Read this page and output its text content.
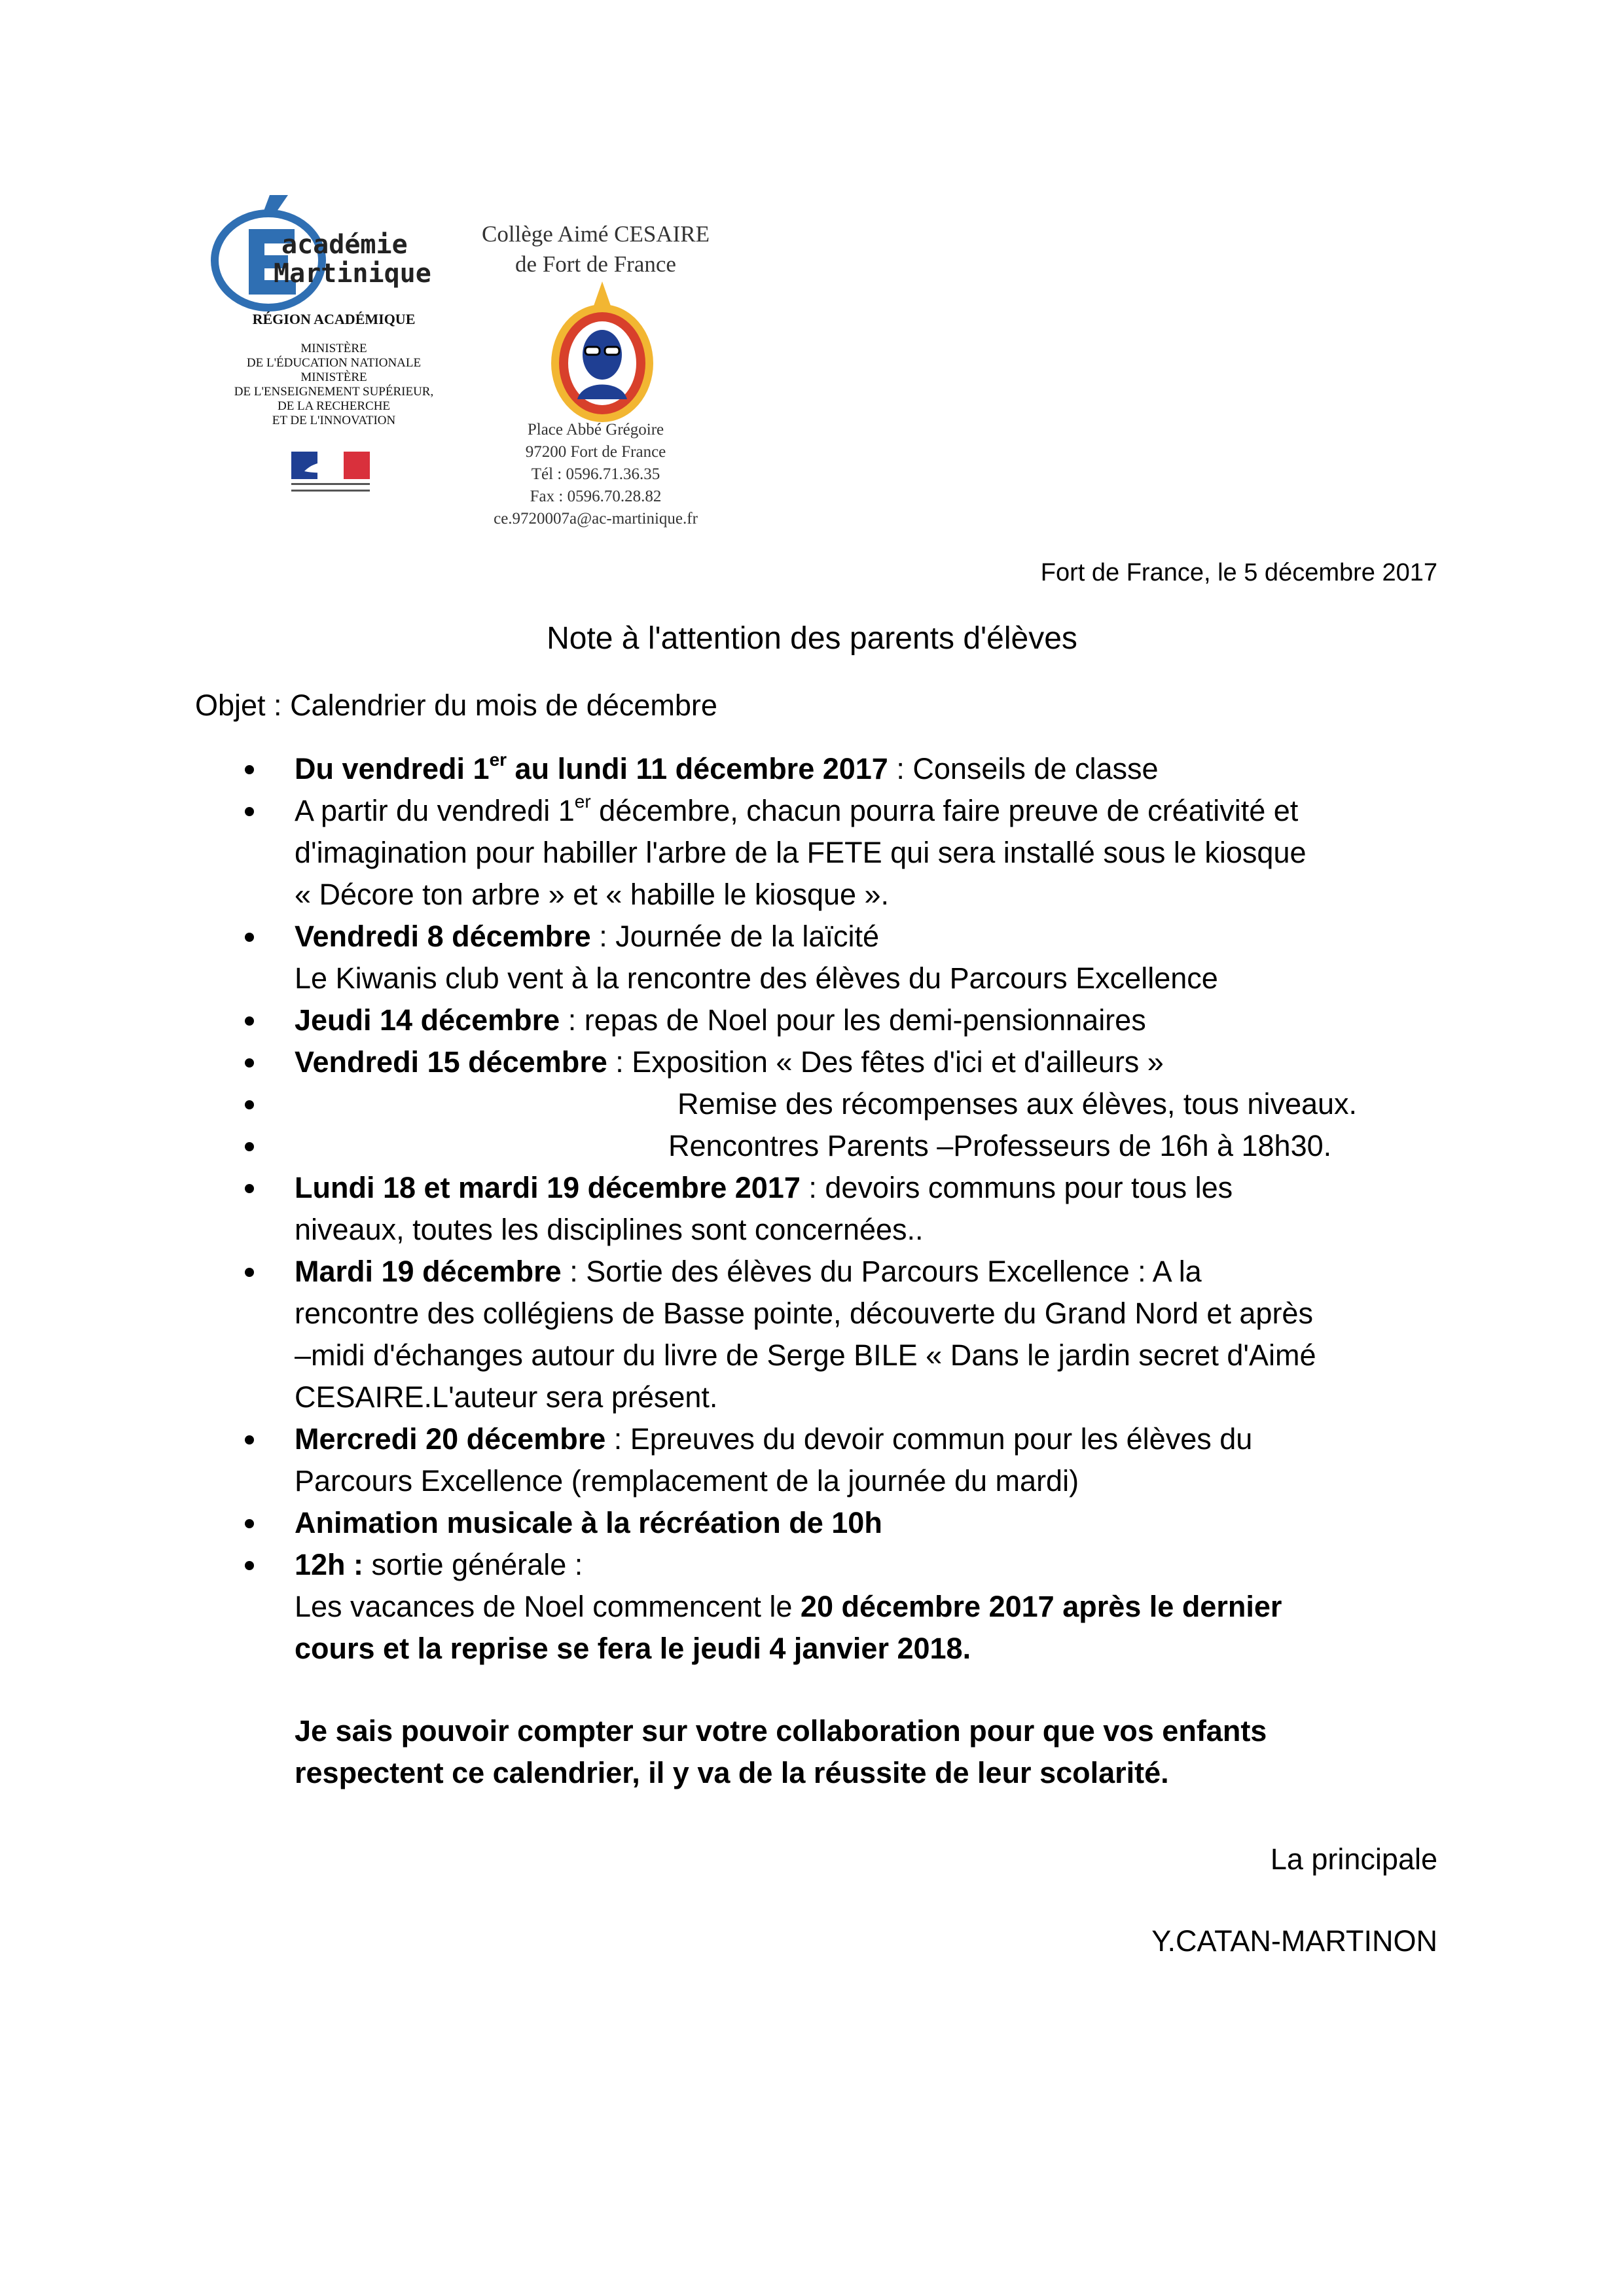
académie
Martinique
RÉGION ACADÉMIQUE
MINISTÈRE
DE L'ÉDUCATION NATIONALE
MINISTÈRE
DE L'ENSEIGNEMENT SUPÉRIEUR,
DE LA RECHERCHE
ET DE L'INNOVATION
Collège Aimé CESAIRE
de Fort de France
Place Abbé Grégoire
97200 Fort de France
Tél : 0596.71.36.35
Fax : 0596.70.28.82
ce.9720007a@ac-martinique.fr
Fort de France, le 5 décembre 2017
Note à l'attention des parents d'élèves
Objet : Calendrier du mois de décembre
Du vendredi 1er au lundi 11 décembre 2017 : Conseils de classe
A partir du vendredi 1er décembre, chacun pourra faire preuve de créativité et
d'imagination pour habiller l'arbre de la FETE qui sera installé sous le kiosque
« Décore ton arbre » et « habille le kiosque ».
Vendredi 8 décembre : Journée de la laïcité
Le Kiwanis club vent à la rencontre des élèves du Parcours Excellence
Jeudi 14 décembre : repas de Noel pour les demi-pensionnaires
Vendredi 15 décembre : Exposition « Des fêtes d'ici et d'ailleurs »
Remise des récompenses aux élèves, tous niveaux.
Rencontres Parents –Professeurs de 16h à 18h30.
Lundi 18 et mardi 19 décembre 2017 : devoirs communs pour tous les
niveaux, toutes les disciplines sont concernées..
Mardi 19 décembre : Sortie des élèves du Parcours Excellence : A la
rencontre des collégiens de Basse pointe, découverte du Grand Nord et après
–midi d'échanges autour du livre de Serge BILE « Dans le jardin secret d'Aimé
CESAIRE.L'auteur sera présent.
Mercredi 20 décembre : Epreuves du devoir commun pour les élèves du
Parcours Excellence (remplacement de la journée du mardi)
Animation musicale à la récréation de 10h
12h : sortie générale :
Les vacances de Noel commencent le 20 décembre 2017 après le dernier
cours et la reprise se fera le jeudi 4 janvier 2018.
Je sais pouvoir compter sur votre collaboration pour que vos enfants
respectent ce calendrier, il y va de la réussite de leur scolarité.
La principale
Y.CATAN-MARTINON
